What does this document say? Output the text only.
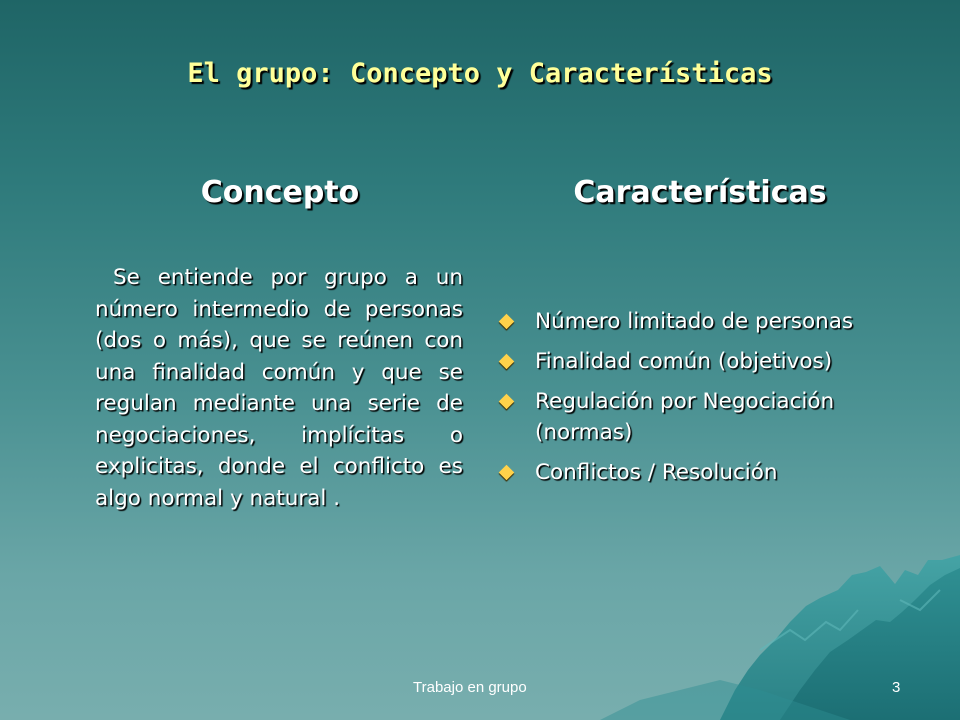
El grupo: Concepto y Características
Concepto	Características
Se entiende por grupo a un número intermedio de personas (dos o más), que se reúnen con una finalidad común y que se regulan mediante una serie de negociaciones, implícitas o explicitas, donde el conflicto es algo normal y natural .
Número limitado de personas
Finalidad común (objetivos)
Regulación por Negociación (normas)
Conflictos / Resolución
Trabajo en grupo	3
